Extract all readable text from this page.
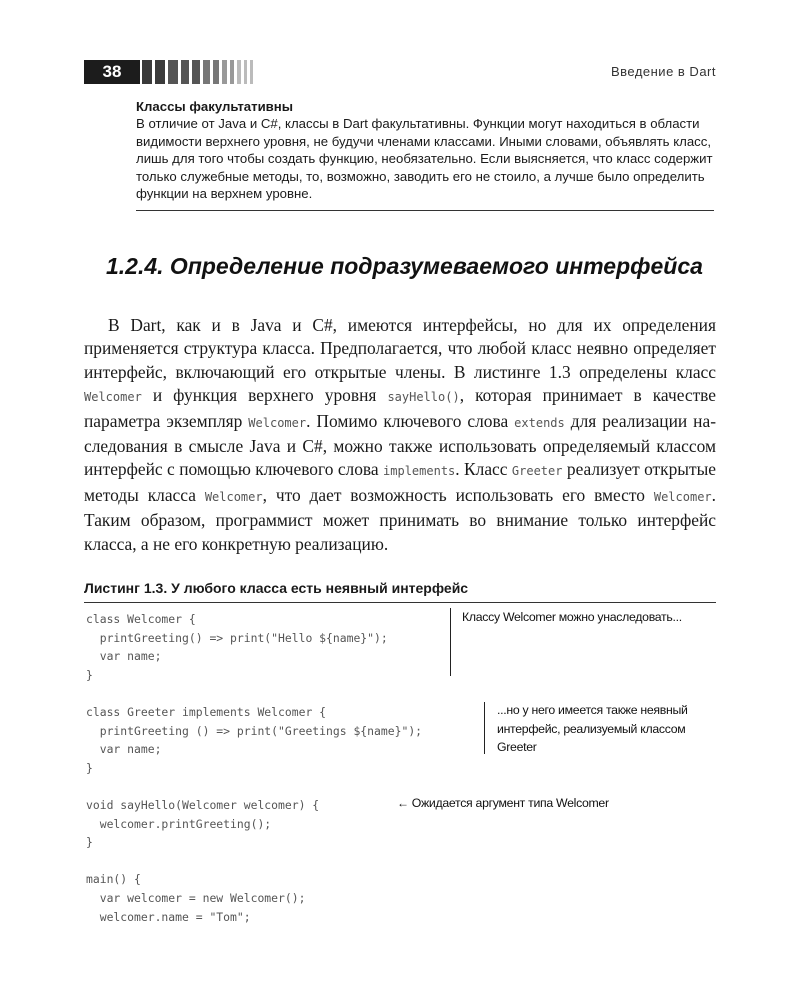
38	Введение в Dart
Классы факультативны
В отличие от Java и C#, классы в Dart факультативны. Функции могут находиться в области видимости верхнего уровня, не будучи членами классами. Иными словами, объявлять класс, лишь для того чтобы создать функцию, необязательно. Если выясняется, что класс содержит только служебные методы, то, возможно, заводить его не стоило, а лучше было определить функции на верхнем уровне.
1.2.4. Определение подразумеваемого интерфейса

В Dart, как и в Java и C#, имеются интерфейсы, но для их определения применяется структура класса. Предполагается, что любой класс неявно определяет интерфейс, включающий его открытые члены. В листинге 1.3 определены класс Welcomer и функция верхнего уровня sayHello(), которая принимает в качестве параметра экземпляр Welcomer. Помимо ключевого слова extends для реализации наследования в смысле Java и C#, можно также использовать определяемый классом интерфейс с помощью ключевого слова implements. Класс Greeter реализует открытые методы класса Welcomer, что дает возможность использовать его вместо Welcomer. Таким образом, программист может принимать во внимание только интерфейс класса, а не его конкретную реализацию.

Листинг 1.3. У любого класса есть неявный интерфейс
class Welcomer {
printGreeting() => print("Hello ${name}");
var name;
}

class Greeter implements Welcomer {
printGreeting () => print("Greetings ${name}");
var name;
}

void sayHello(Welcomer welcomer) {
welcomer.printGreeting();
}

main() {
var welcomer = new Welcomer();
welcomer.name = "Tom";
Классу Welcomer можно унаследовать...
...но у него имеется также неявный
интерфейс, реализуемый классом
Greeter
← Ожидается аргумент типа Welcomer
